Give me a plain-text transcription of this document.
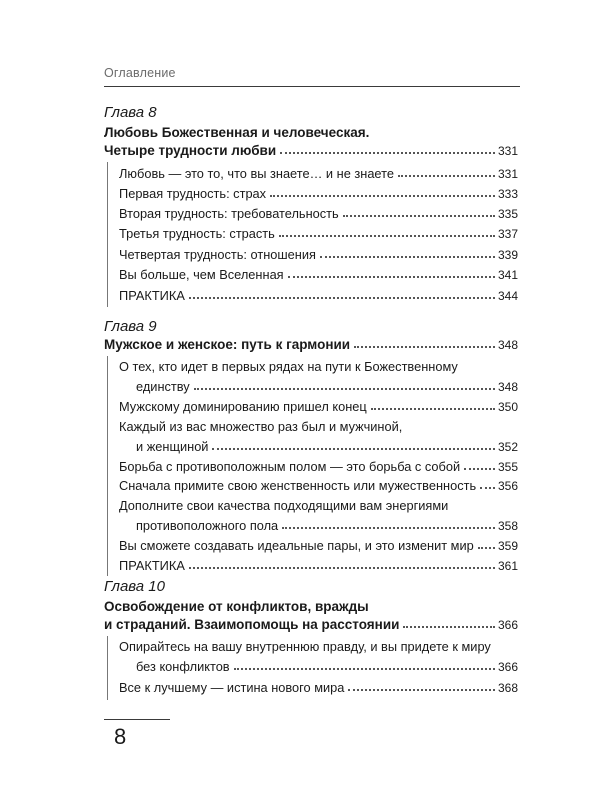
Оглавление
Глава 8
Любовь Божественная и человеческая.
Четыре трудности любви	331
Любовь — это то, что вы знаете… и не знаете	331
Первая трудность: страх	333
Вторая трудность: требовательность	335
Третья трудность: страсть	337
Четвертая трудность: отношения	339
Вы больше, чем Вселенная	341
ПРАКТИКА	344
Глава 9
Мужское и женское: путь к гармонии	348
О тех, кто идет в первых рядах на пути к Божественному
единству	348
Мужскому доминированию пришел конец	350
Каждый из вас множество раз был и мужчиной,
и женщиной	352
Борьба с противоположным полом — это борьба с собой	355
Сначала примите свою женственность или мужественность 356
Дополните свои качества подходящими вам энергиями
противоположного пола	358
Вы сможете создавать идеальные пары, и это изменит мир 359
ПРАКТИКА	361
Глава 10
Освобождение от конфликтов, вражды
и страданий. Взаимопомощь на расстоянии	366
Опирайтесь на вашу внутреннюю правду, и вы придете к миру
без конфликтов	366
Все к лучшему — истина нового мира	368
8
